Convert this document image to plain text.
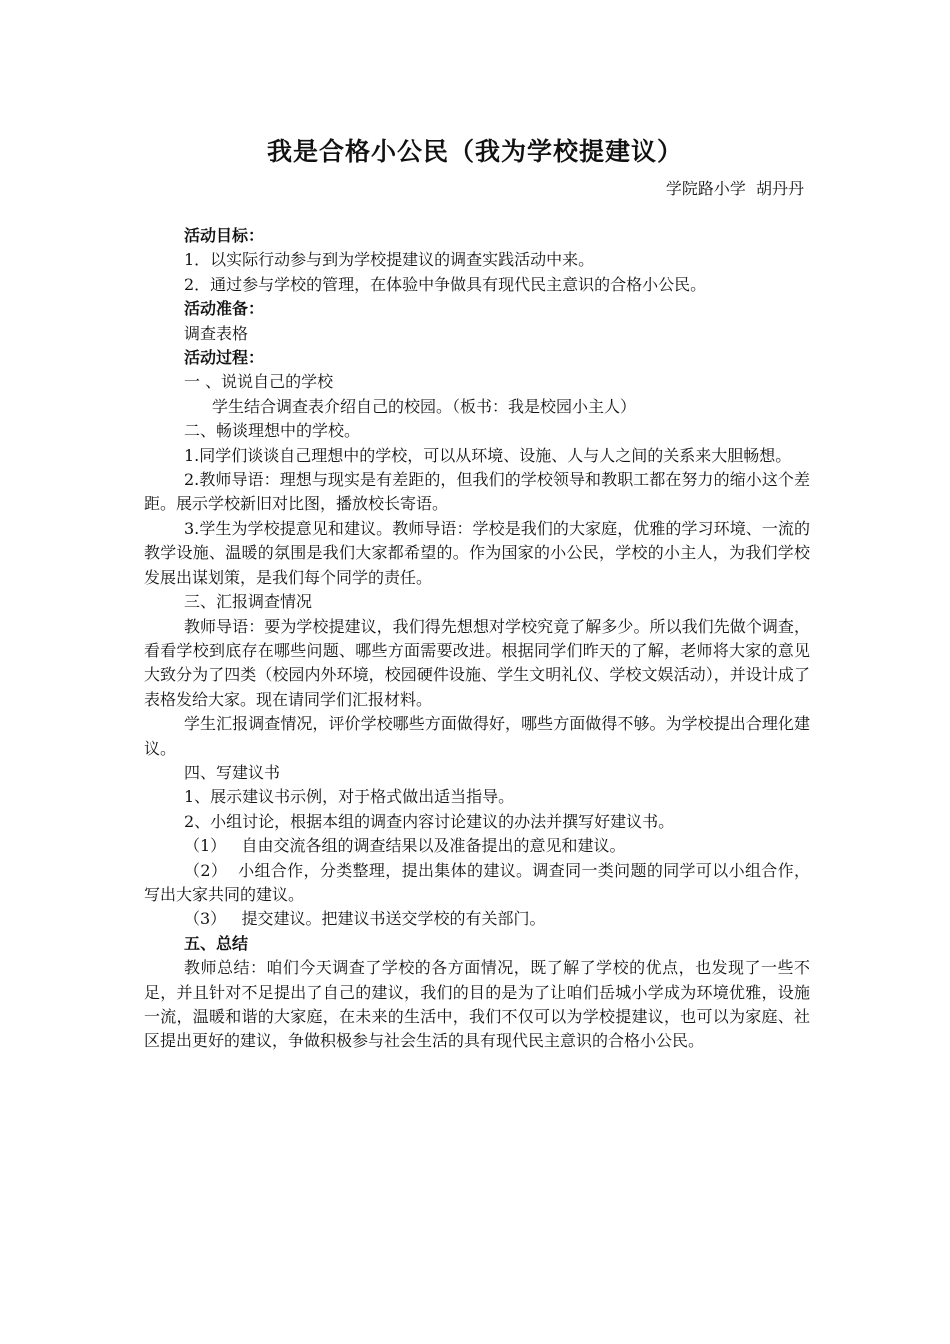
我是合格小公民（我为学校提建议）
学院路小学  胡丹丹

活动目标：

1．以实际行动参与到为学校提建议的调查实践活动中来。

2．通过参与学校的管理，在体验中争做具有现代民主意识的合格小公民。

活动准备：

调查表格

活动过程：

一 、说说自己的学校

学生结合调查表介绍自己的校园。（板书：我是校园小主人）

二、畅谈理想中的学校。

1.同学们谈谈自己理想中的学校，可以从环境、设施、人与人之间的关系来大胆畅想。

2.教师导语：理想与现实是有差距的，但我们的学校领导和教职工都在努力的缩小这个差距。展示学校新旧对比图，播放校长寄语。

3.学生为学校提意见和建议。教师导语：学校是我们的大家庭，优雅的学习环境、一流的教学设施、温暖的氛围是我们大家都希望的。作为国家的小公民，学校的小主人，为我们学校发展出谋划策，是我们每个同学的责任。

三、汇报调查情况

教师导语：要为学校提建议，我们得先想想对学校究竟了解多少。所以我们先做个调查，看看学校到底存在哪些问题、哪些方面需要改进。根据同学们昨天的了解，老师将大家的意见大致分为了四类（校园内外环境，校园硬件设施、学生文明礼仪、学校文娱活动），并设计成了表格发给大家。现在请同学们汇报材料。

学生汇报调查情况，评价学校哪些方面做得好，哪些方面做得不够。为学校提出合理化建议。

四、写建议书

1、展示建议书示例，对于格式做出适当指导。

2、小组讨论，根据本组的调查内容讨论建议的办法并撰写好建议书。

（1）   自由交流各组的调查结果以及准备提出的意见和建议。

（2）  小组合作，分类整理，提出集体的建议。调查同一类问题的同学可以小组合作，写出大家共同的建议。

（3）   提交建议。把建议书送交学校的有关部门。

五、总结

教师总结：咱们今天调查了学校的各方面情况，既了解了学校的优点，也发现了一些不足，并且针对不足提出了自己的建议，我们的目的是为了让咱们岳城小学成为环境优雅，设施一流，温暖和谐的大家庭，在未来的生活中，我们不仅可以为学校提建议，也可以为家庭、社区提出更好的建议，争做积极参与社会生活的具有现代民主意识的合格小公民。
